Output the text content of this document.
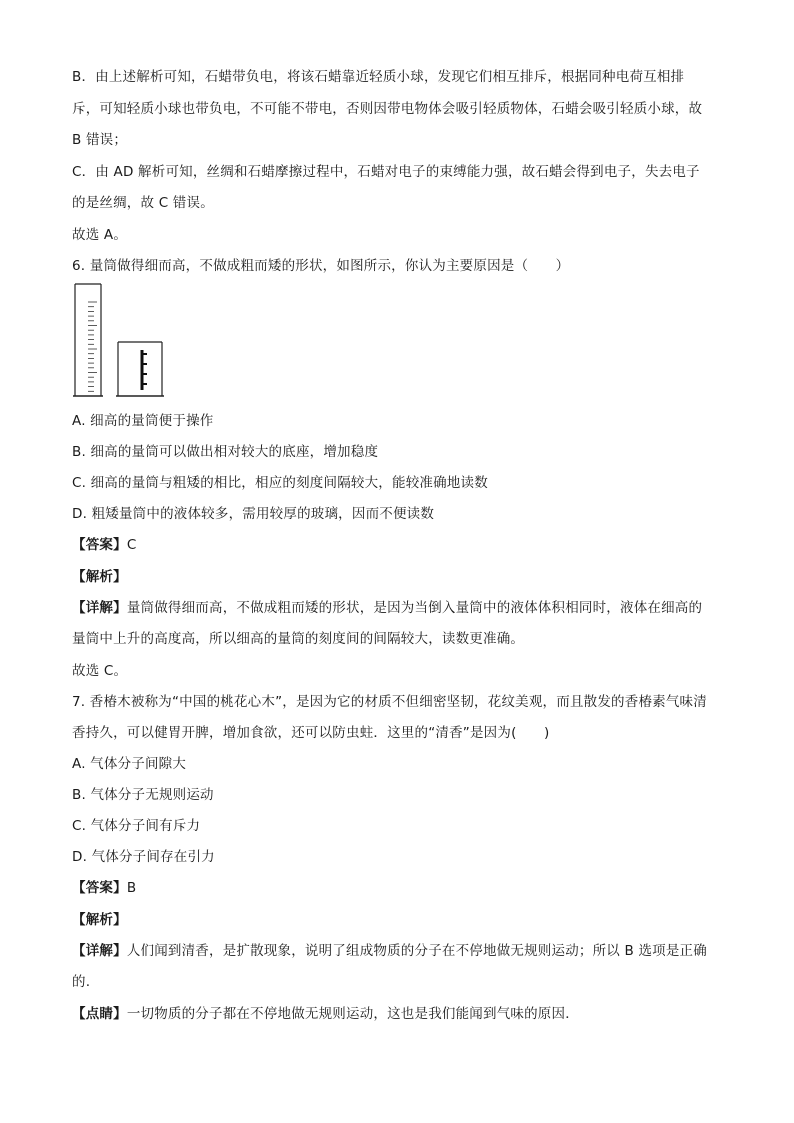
B．由上述解析可知，石蜡带负电，将该石蜡靠近轻质小球，发现它们相互排斥，根据同种电荷互相排
斥，可知轻质小球也带负电，不可能不带电，否则因带电物体会吸引轻质物体，石蜡会吸引轻质小球，故
B 错误；
C．由 AD 解析可知，丝绸和石蜡摩擦过程中，石蜡对电子的束缚能力强，故石蜡会得到电子，失去电子
的是丝绸，故 C 错误。
故选 A。
6. 量筒做得细而高，不做成粗而矮的形状，如图所示，你认为主要原因是（　　）
A. 细高的量筒便于操作
B. 细高的量筒可以做出相对较大的底座，增加稳度
C. 细高的量筒与粗矮的相比，相应的刻度间隔较大，能较准确地读数
D. 粗矮量筒中的液体较多，需用较厚的玻璃，因而不便读数
【答案】C
【解析】
【详解】量筒做得细而高，不做成粗而矮的形状，是因为当倒入量筒中的液体体积相同时，液体在细高的
量筒中上升的高度高，所以细高的量筒的刻度间的间隔较大，读数更准确。
故选 C。
7. 香椿木被称为“中国的桃花心木”，是因为它的材质不但细密坚韧，花纹美观，而且散发的香椿素气味清
香持久，可以健胃开脾，增加食欲，还可以防虫蛀．这里的“清香”是因为(　　)
A. 气体分子间隙大
B. 气体分子无规则运动
C. 气体分子间有斥力
D. 气体分子间存在引力
【答案】B
【解析】
【详解】人们闻到清香，是扩散现象，说明了组成物质的分子在不停地做无规则运动；所以 B 选项是正确
的.
【点睛】一切物质的分子都在不停地做无规则运动，这也是我们能闻到气味的原因．
